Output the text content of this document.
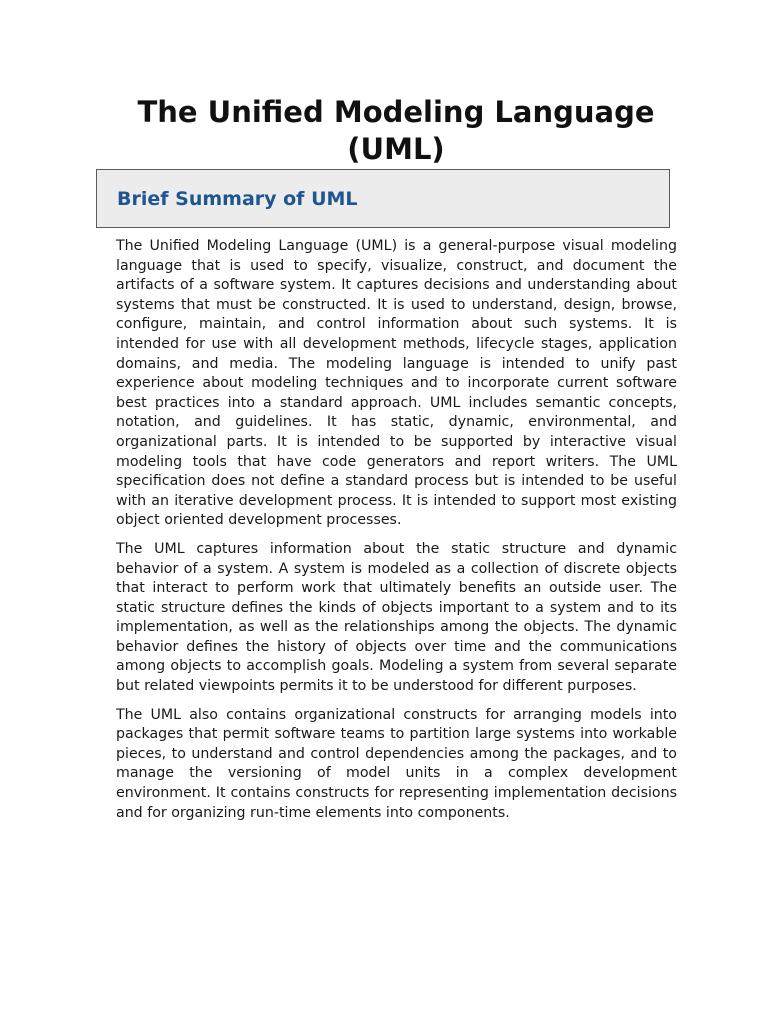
The Unified Modeling Language (UML)
Brief Summary of UML

The Unified Modeling Language (UML) is a general-purpose visual modeling language that is used to specify, visualize, construct, and document the artifacts of a software system. It captures decisions and understanding about systems that must be constructed. It is used to understand, design, browse, configure, maintain, and control information about such systems. It is intended for use with all development methods, lifecycle stages, application domains, and media. The modeling language is intended to unify past experience about modeling techniques and to incorporate current software best practices into a standard approach. UML includes semantic concepts, notation, and guidelines. It has static, dynamic, environmental, and organizational parts. It is intended to be supported by interactive visual modeling tools that have code generators and report writers. The UML specification does not define a standard process but is intended to be useful with an iterative development process. It is intended to support most existing object oriented development processes.

The UML captures information about the static structure and dynamic behavior of a system. A system is modeled as a collection of discrete objects that interact to perform work that ultimately benefits an outside user. The static structure defines the kinds of objects important to a system and to its implementation, as well as the relationships among the objects. The dynamic behavior defines the history of objects over time and the communications among objects to accomplish goals. Modeling a system from several separate but related viewpoints permits it to be understood for different purposes.

The UML also contains organizational constructs for arranging models into packages that permit software teams to partition large systems into workable pieces, to understand and control dependencies among the packages, and to manage the versioning of model units in a complex development environment. It contains constructs for representing implementation decisions and for organizing run-time elements into components.
